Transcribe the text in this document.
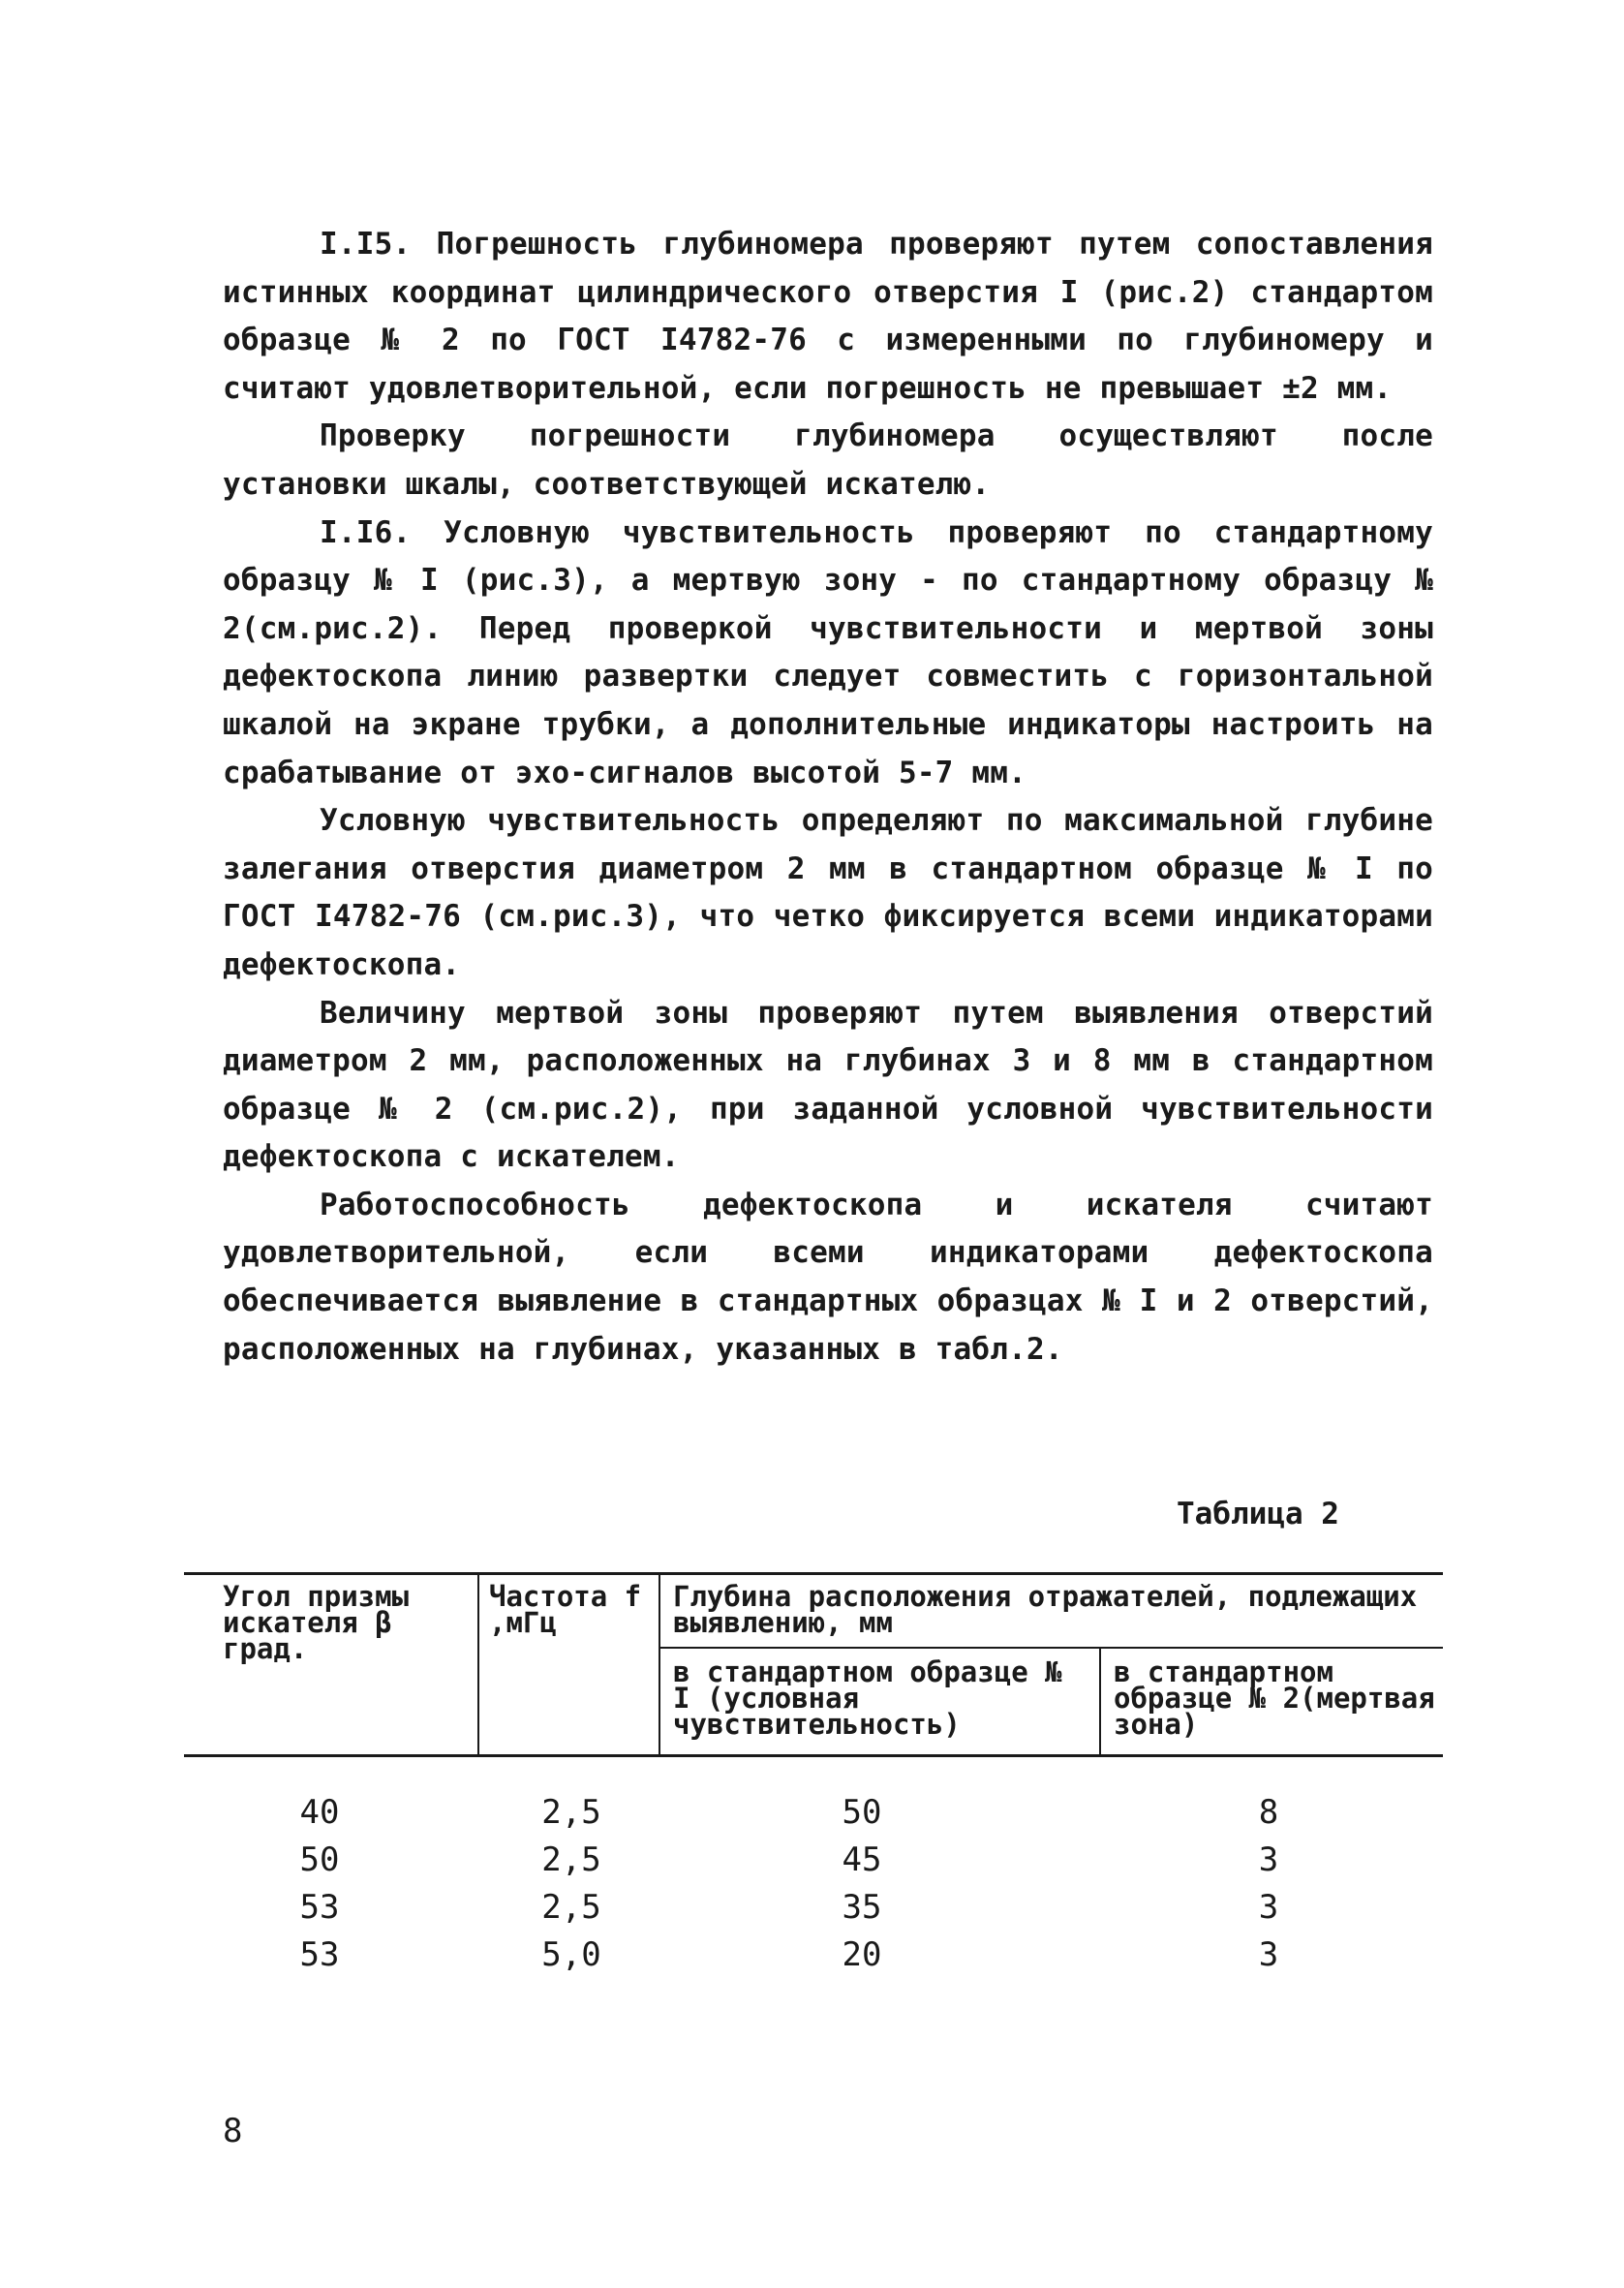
I.I5. Погрешность глубиномера проверяют путем сопоставления истинных координат цилиндрического отверстия I (рис.2) стандартом образце № 2 по ГОСТ I4782-76 с измеренными по глубиномеру и считают удовлетворительной, если погрешность не превышает ±2 мм.

Проверку погрешности глубиномера осуществляют после установки шкалы, соответствующей искателю.

I.I6. Условную чувствительность проверяют по стандартному образцу № I (рис.3), а мертвую зону - по стандартному образцу № 2(см.рис.2). Перед проверкой чувствительности и мертвой зоны дефектоскопа линию развертки следует совместить с горизонтальной шкалой на экране трубки, а дополнительные индикаторы настроить на срабатывание от эхо-сигналов высотой 5-7 мм.

Условную чувствительность определяют по максимальной глубине залегания отверстия диаметром 2 мм в стандартном образце № I по ГОСТ I4782-76 (см.рис.3), что четко фиксируется всеми индикаторами дефектоскопа.

Величину мертвой зоны проверяют путем выявления отверстий диаметром 2 мм, расположенных на глубинах 3 и 8 мм в стандартном образце № 2 (см.рис.2), при заданной условной чувствительности дефектоскопа с искателем.

Работоспособность дефектоскопа и искателя считают удовлетворительной, если всеми индикаторами дефектоскопа обеспечивается выявление в стандартных образцах № I и 2 отверстий, расположенных на глубинах, указанных в табл.2.

Таблица 2
Угол призмы искателя β град.
Частота f ,мГц
Глубина расположения отражателей, подлежащих выявлению, мм
в стандартном образце № I (условная чувствительность)
в стандартном образце № 2(мертвая зона)
40	2,5	50	8
50	2,5	45	3
53	2,5	35	3
53	5,0	20	3
8
